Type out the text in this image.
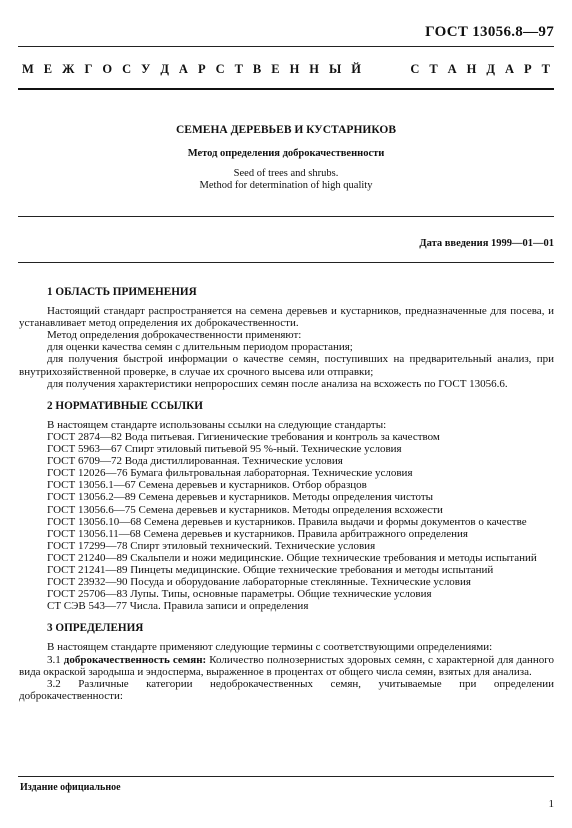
ГОСТ 13056.8—97
М Е Ж Г О С У Д А Р С Т В Е Н Н Ы Й

	С Т А Н Д А Р Т
СЕМЕНА ДЕРЕВЬЕВ И КУСТАРНИКОВ
Метод определения доброкачественности
Seed of trees and shrubs.
Method for determination of high quality
Дата введения 1999—01—01
1 ОБЛАСТЬ ПРИМЕНЕНИЯ
Настоящий стандарт распространяется на семена деревьев и кустарников, предназначенные для посева, и устанавливает метод определения их доброкачественности.
Метод определения доброкачественности применяют:
для оценки качества семян с длительным периодом прорастания;
для получения быстрой информации о качестве семян, поступивших на предварительный анализ, при внутрихозяйственной проверке, в случае их срочного высева или отправки;
для получения характеристики непроросших семян после анализа на всхожесть по ГОСТ 13056.6.
2 НОРМАТИВНЫЕ ССЫЛКИ
В настоящем стандарте использованы ссылки на следующие стандарты:
ГОСТ 2874—82 Вода питьевая. Гигиенические требования и контроль за качеством
ГОСТ 5963—67 Спирт этиловый питьевой 95 %-ный. Технические условия
ГОСТ 6709—72 Вода дистиллированная. Технические условия
ГОСТ 12026—76 Бумага фильтровальная лабораторная. Технические условия
ГОСТ 13056.1—67 Семена деревьев и кустарников. Отбор образцов
ГОСТ 13056.2—89 Семена деревьев и кустарников. Методы определения чистоты
ГОСТ 13056.6—75 Семена деревьев и кустарников. Методы определения всхожести
ГОСТ 13056.10—68 Семена деревьев и кустарников. Правила выдачи и формы документов о качестве
ГОСТ 13056.11—68 Семена деревьев и кустарников. Правила арбитражного определения
ГОСТ 17299—78 Спирт этиловый технический. Технические условия
ГОСТ 21240—89 Скальпели и ножи медицинские. Общие технические требования и методы испытаний
ГОСТ 21241—89 Пинцеты медицинские. Общие технические требования и методы испытаний
ГОСТ 23932—90 Посуда и оборудование лабораторные стеклянные. Технические условия
ГОСТ 25706—83 Лупы. Типы, основные параметры. Общие технические условия
СТ СЭВ 543—77 Числа. Правила записи и определения
3 ОПРЕДЕЛЕНИЯ
В настоящем стандарте применяют следующие термины с соответствующими определениями:
3.1 доброкачественность семян: Количество полнозернистых здоровых семян, с характерной для данного вида окраской зародыша и эндосперма, выраженное в процентах от общего числа семян, взятых для анализа.
3.2 Различные категории недоброкачественных семян, учитываемые при определении доброкачественности:
Издание официальное
1
